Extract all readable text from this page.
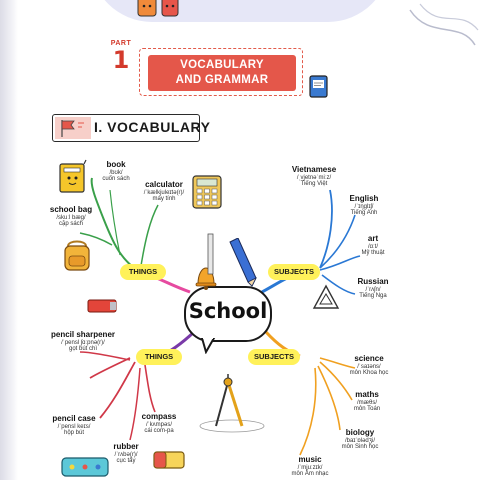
PART
1	VOCABULARY
AND GRAMMAR
I. VOCABULARY
THINGS
THINGS
SUBJECTS
SUBJECTS
School
book
/bʊk/
cuốn sách
calculator
/ˈkælkjuleɪtə(r)/
máy tính
school bag
/skuːl bæg/
cặp sách
pencil sharpener
/ˈpensl ʃɑːpnə(r)/
gọt bút chì
pencil case
/ˈpensl keɪs/
hộp bút
compass
/ˈkʌmpəs/
cái com-pa
rubber
/ˈrʌbə(r)/
cục tẩy
Vietnamese
/ˌvjetnəˈmiːz/
Tiếng Việt
English
/ˈɪŋglɪʃ/
Tiếng Anh
art
/ɑːt/
Mỹ thuật
Russian
/ˈrʌʃn/
Tiếng Nga
science
/ˈsaɪəns/
môn Khoa học
maths
/mæθs/
môn Toán
biology
/baɪˈɒlədʒi/
môn Sinh học
music
/ˈmjuːzɪk/
môn Âm nhạc
